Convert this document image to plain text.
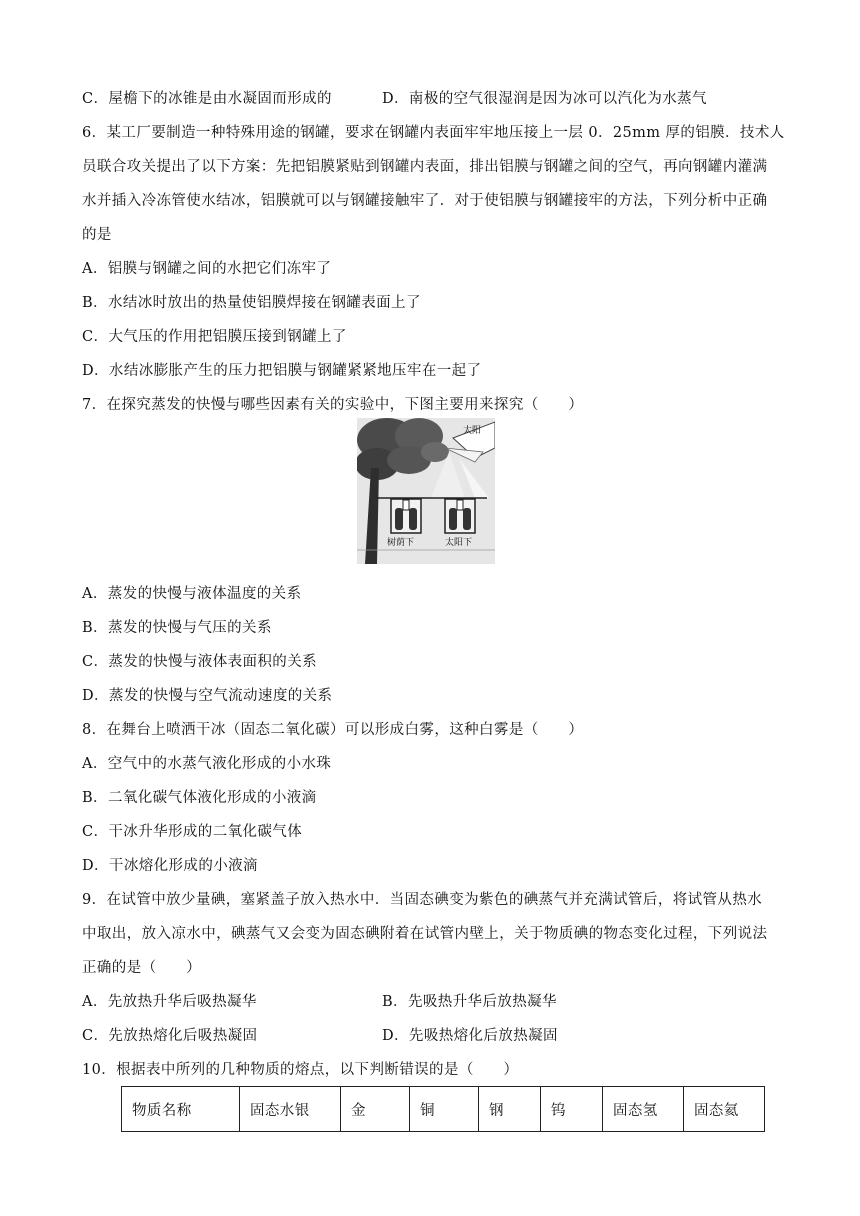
C．屋檐下的冰锥是由水凝固而形成的	D．南极的空气很湿润是因为冰可以汽化为水蒸气
6．某工厂要制造一种特殊用途的钢罐，要求在钢罐内表面牢牢地压接上一层 0．25mm 厚的铝膜．技术人
员联合攻关提出了以下方案：先把铝膜紧贴到钢罐内表面，排出铝膜与钢罐之间的空气，再向钢罐内灌满
水并插入冷冻管使水结冰，铝膜就可以与钢罐接触牢了．对于使铝膜与钢罐接牢的方法，下列分析中正确
的是
A．铝膜与钢罐之间的水把它们冻牢了
B．水结冰时放出的热量使铝膜焊接在钢罐表面上了
C．大气压的作用把铝膜压接到钢罐上了
D．水结冰膨胀产生的压力把铝膜与钢罐紧紧地压牢在一起了
7．在探究蒸发的快慢与哪些因素有关的实验中，下图主要用来探究（　　）
太阳
树荫下	太阳下
A．蒸发的快慢与液体温度的关系
B．蒸发的快慢与气压的关系
C．蒸发的快慢与液体表面积的关系
D．蒸发的快慢与空气流动速度的关系
8．在舞台上喷洒干冰（固态二氧化碳）可以形成白雾，这种白雾是（　　）
A．空气中的水蒸气液化形成的小水珠
B．二氧化碳气体液化形成的小液滴
C．干冰升华形成的二氧化碳气体
D．干冰熔化形成的小液滴
9．在试管中放少量碘，塞紧盖子放入热水中．当固态碘变为紫色的碘蒸气并充满试管后，将试管从热水
中取出，放入凉水中，碘蒸气又会变为固态碘附着在试管内壁上，关于物质碘的物态变化过程，下列说法
正确的是（　　）
A．先放热升华后吸热凝华	B．先吸热升华后放热凝华
C．先放热熔化后吸热凝固	D．先吸热熔化后放热凝固
10．根据表中所列的几种物质的熔点，以下判断错误的是（　　）
物质名称	固态水银	金	铜	钢	钨	固态氢	固态氦
